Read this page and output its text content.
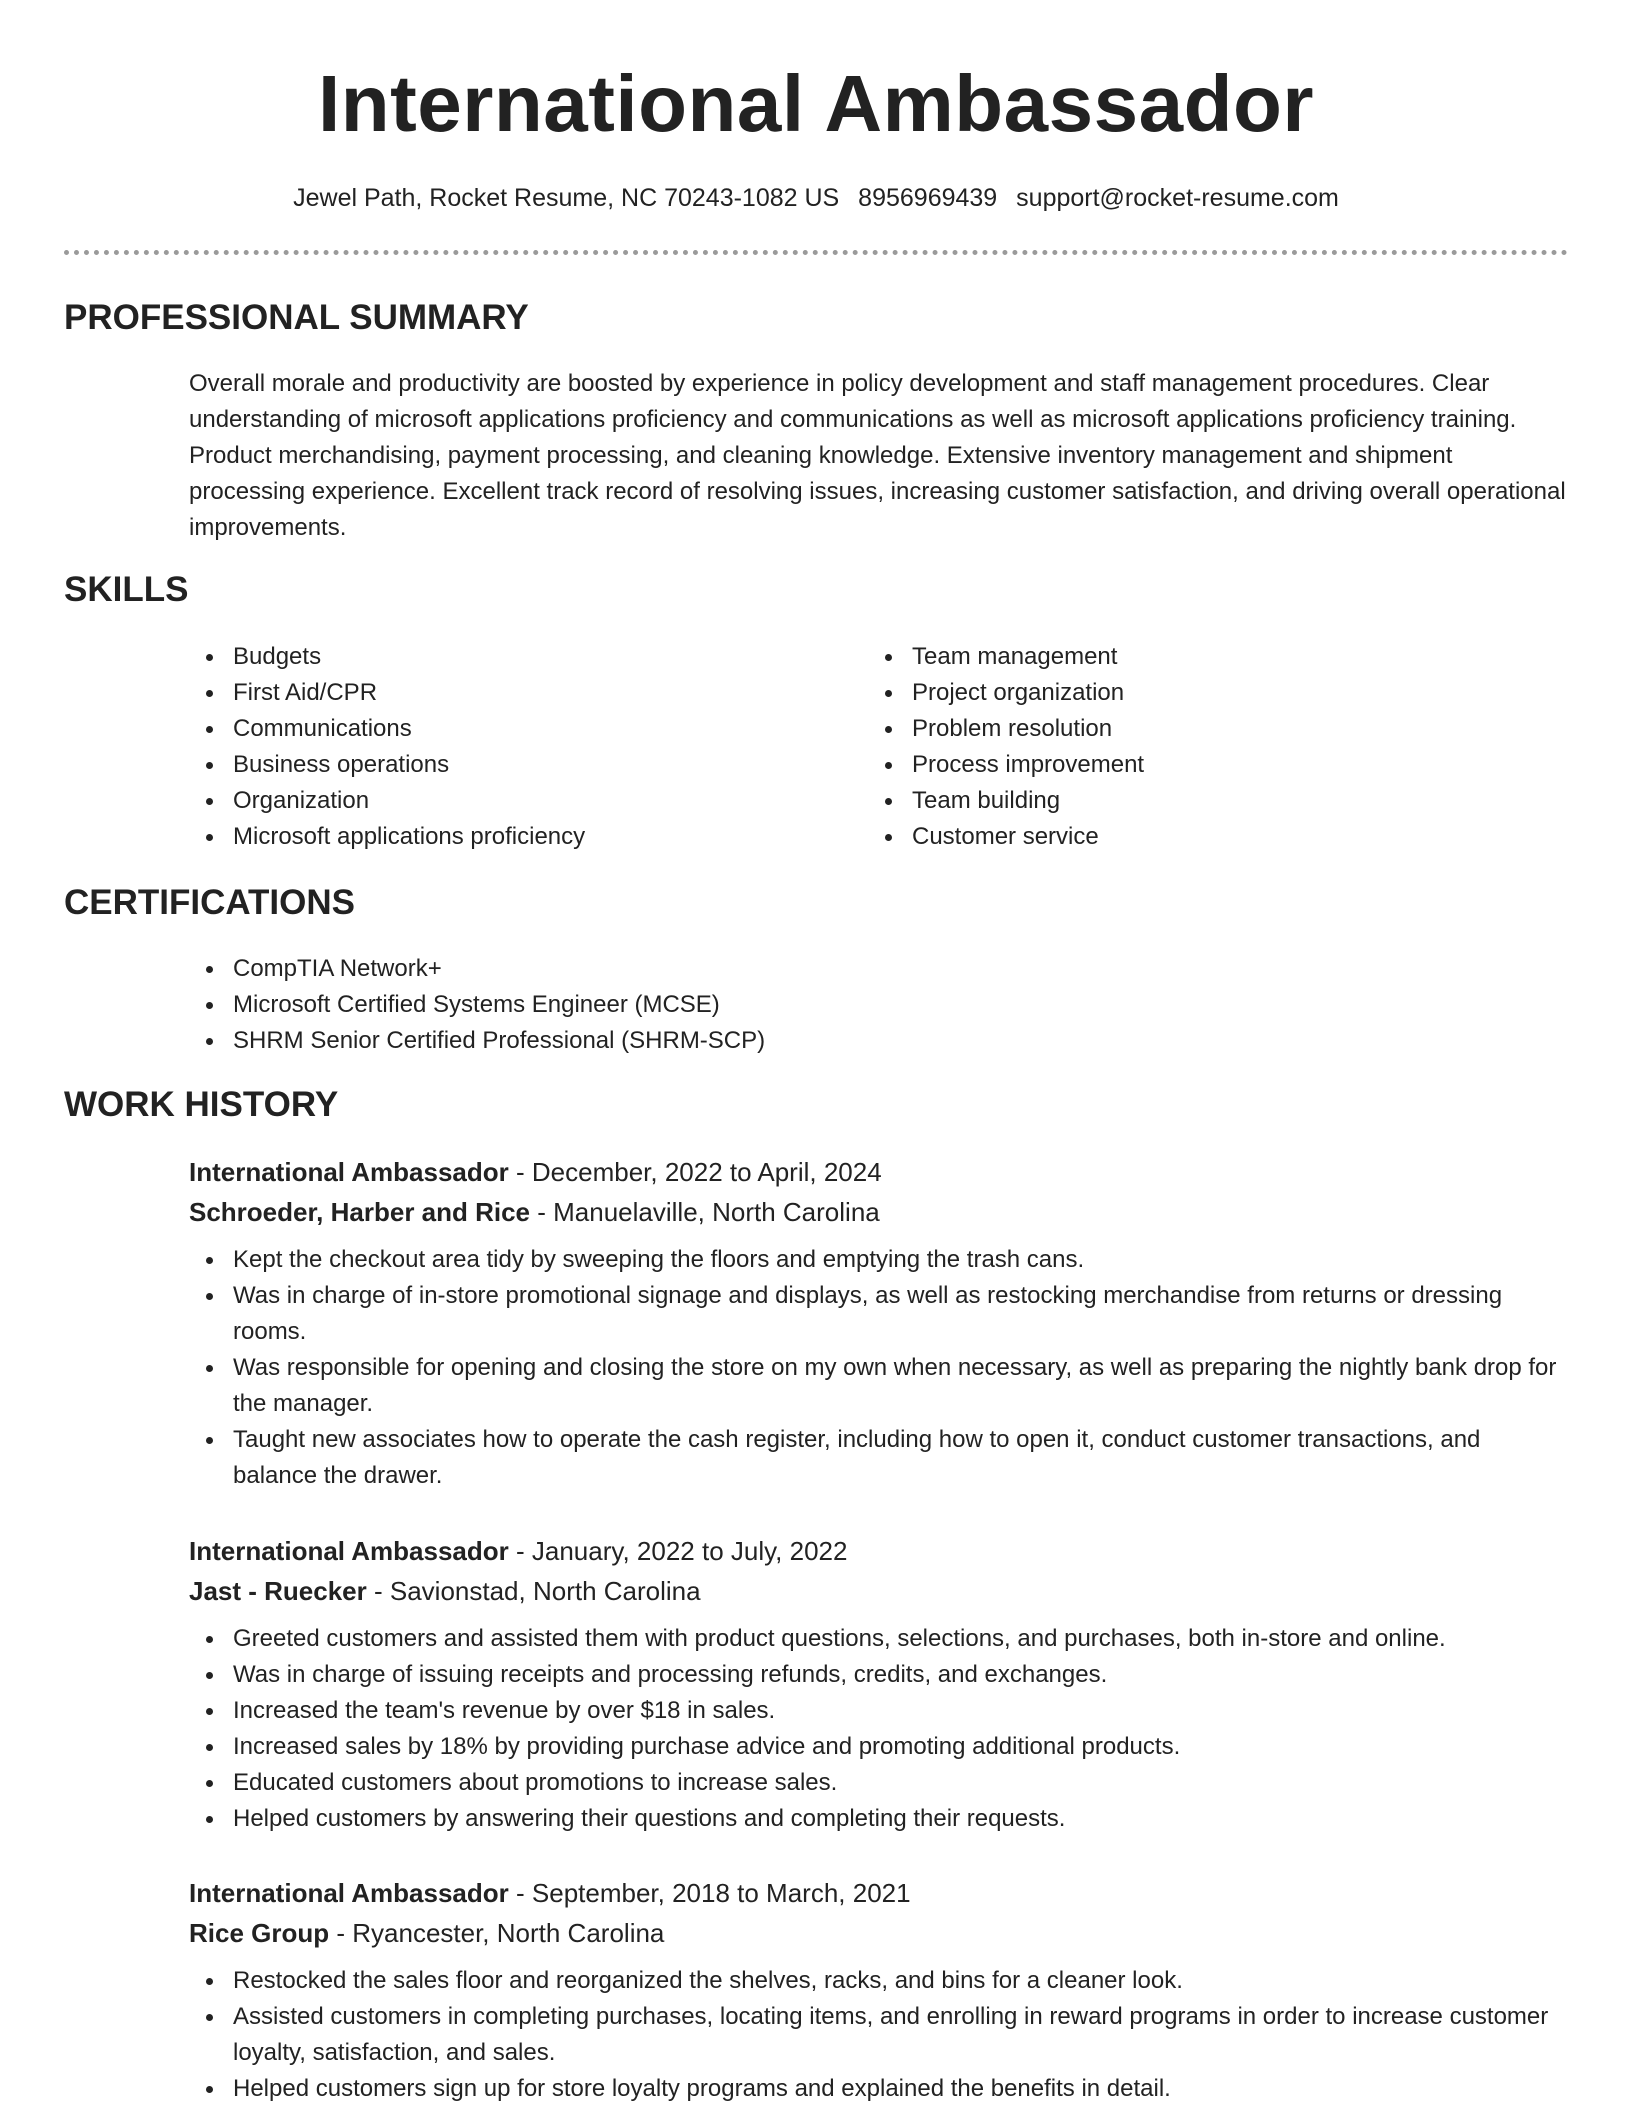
International Ambassador
Jewel Path, Rocket Resume, NC 70243-1082 US 8956969439 support@rocket-resume.com
PROFESSIONAL SUMMARY

Overall morale and productivity are boosted by experience in policy development and staff management procedures. Clear understanding of microsoft applications proficiency and communications as well as microsoft applications proficiency training. Product merchandising, payment processing, and cleaning knowledge. Extensive inventory management and shipment processing experience. Excellent track record of resolving issues, increasing customer satisfaction, and driving overall operational improvements.

SKILLS
Budgets
First Aid/CPR
Communications
Business operations
Organization
Microsoft applications proficiency
Team management
Project organization
Problem resolution
Process improvement
Team building
Customer service
CERTIFICATIONS
CompTIA Network+
Microsoft Certified Systems Engineer (MCSE)
SHRM Senior Certified Professional (SHRM-SCP)
WORK HISTORY
International Ambassador - December, 2022 to April, 2024
Schroeder, Harber and Rice - Manuelaville, North Carolina
Kept the checkout area tidy by sweeping the floors and emptying the trash cans.
Was in charge of in-store promotional signage and displays, as well as restocking merchandise from returns or dressing rooms.
Was responsible for opening and closing the store on my own when necessary, as well as preparing the nightly bank drop for the manager.
Taught new associates how to operate the cash register, including how to open it, conduct customer transactions, and balance the drawer.
International Ambassador - January, 2022 to July, 2022
Jast - Ruecker - Savionstad, North Carolina
Greeted customers and assisted them with product questions, selections, and purchases, both in-store and online.
Was in charge of issuing receipts and processing refunds, credits, and exchanges.
Increased the team's revenue by over $18 in sales.
Increased sales by 18% by providing purchase advice and promoting additional products.
Educated customers about promotions to increase sales.
Helped customers by answering their questions and completing their requests.
International Ambassador - September, 2018 to March, 2021
Rice Group - Ryancester, North Carolina
Restocked the sales floor and reorganized the shelves, racks, and bins for a cleaner look.
Assisted customers in completing purchases, locating items, and enrolling in reward programs in order to increase customer loyalty, satisfaction, and sales.
Helped customers sign up for store loyalty programs and explained the benefits in detail.
